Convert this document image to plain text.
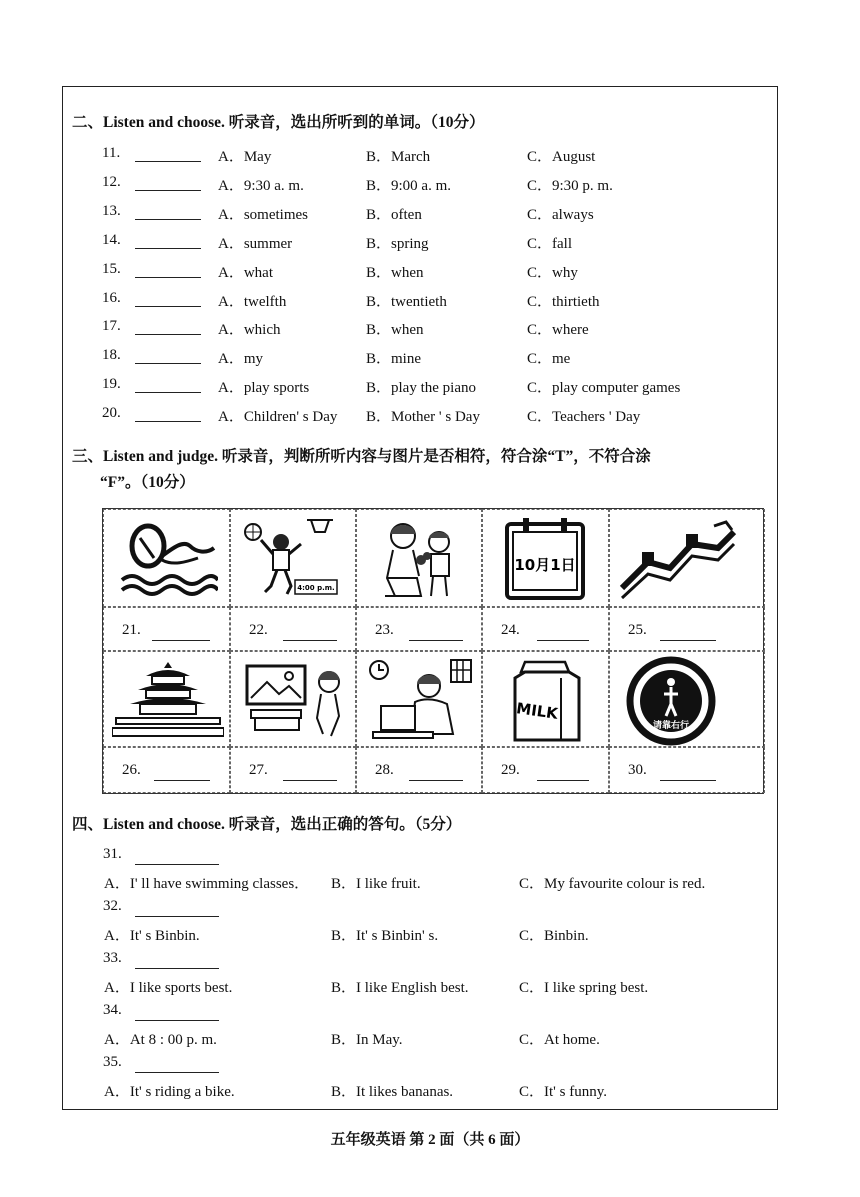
二、Listen and choose. 听录音，选出所听到的单词。（10分）
11.	A．May	B．March	C．August
12.	A．9:30 a. m.	B．9:00 a. m.	C．9:30 p. m.
13.	A．sometimes	B．often	C．always
14.	A．summer	B．spring	C．fall
15.	A．what	B．when	C．why
16.	A．twelfth	B．twentieth	C．thirtieth
17.	A．which	B．when	C．where
18.	A．my	B．mine	C．me
19.	A．play sports	B．play the piano	C．play computer games
20.	A．Children' s Day B．Mother ' s Day	C．Teachers ' Day
三、Listen and judge. 听录音，判断所听内容与图片是否相符，符合涂“T”，不符合涂
“F”。（10分）
4:00 p.m.
10月1日
21.	22.	23.	24.	25.
MILK
请靠右行
26.	27.	28.	29.	30.
四、Listen and choose. 听录音，选出正确的答句。（5分）
31.
A．I' ll have swimming classes． B．I like fruit.	C．My favourite colour is red.
32.
A．It' s Binbin.	B．It' s Binbin' s.	C．Binbin.
33.
A．I like sports best.	B．I like English best.	C．I like spring best.
34.
A．At 8 : 00 p. m.	B．In May.	C．At home.
35.
A．It' s riding a bike.	B．It likes bananas.	C．It' s funny.
五年级英语 第 2 面（共 6 面）
